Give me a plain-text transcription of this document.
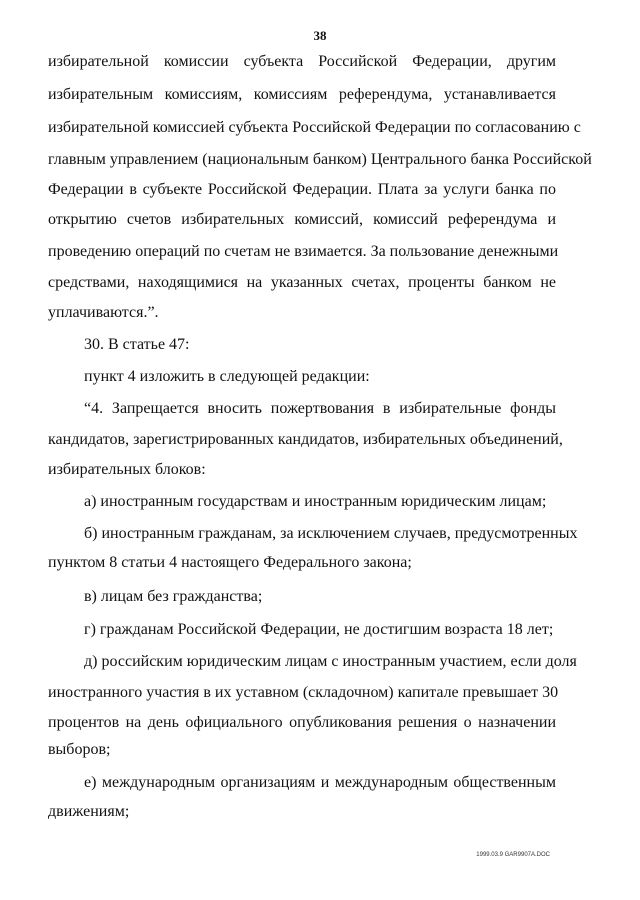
38
избирательной комиссии субъекта Российской Федерации, другим
избирательным комиссиям, комиссиям референдума, устанавливается
избирательной комиссией субъекта Российской Федерации по согласованию с
главным управлением (национальным банком) Центрального банка Российской
Федерации в субъекте Российской Федерации. Плата за услуги банка по
открытию счетов избирательных комиссий, комиссий референдума и
проведению операций по счетам не взимается. За пользование денежными
средствами, находящимися на указанных счетах, проценты банком не
уплачиваются.”.
30. В статье 47:
пункт 4 изложить в следующей редакции:
“4. Запрещается вносить пожертвования в избирательные фонды
кандидатов, зарегистрированных кандидатов, избирательных объединений,
избирательных блоков:
а) иностранным государствам и иностранным юридическим лицам;
б) иностранным гражданам, за исключением случаев, предусмотренных
пунктом 8 статьи 4 настоящего Федерального закона;
в) лицам без гражданства;
г) гражданам Российской Федерации, не достигшим возраста 18 лет;
д) российским юридическим лицам с иностранным участием, если доля
иностранного участия в их уставном (складочном) капитале превышает 30
процентов на день официального опубликования решения о назначении
выборов;
е) международным организациям и международным общественным
движениям;
1999.03.9 GAR9907A.DOC
